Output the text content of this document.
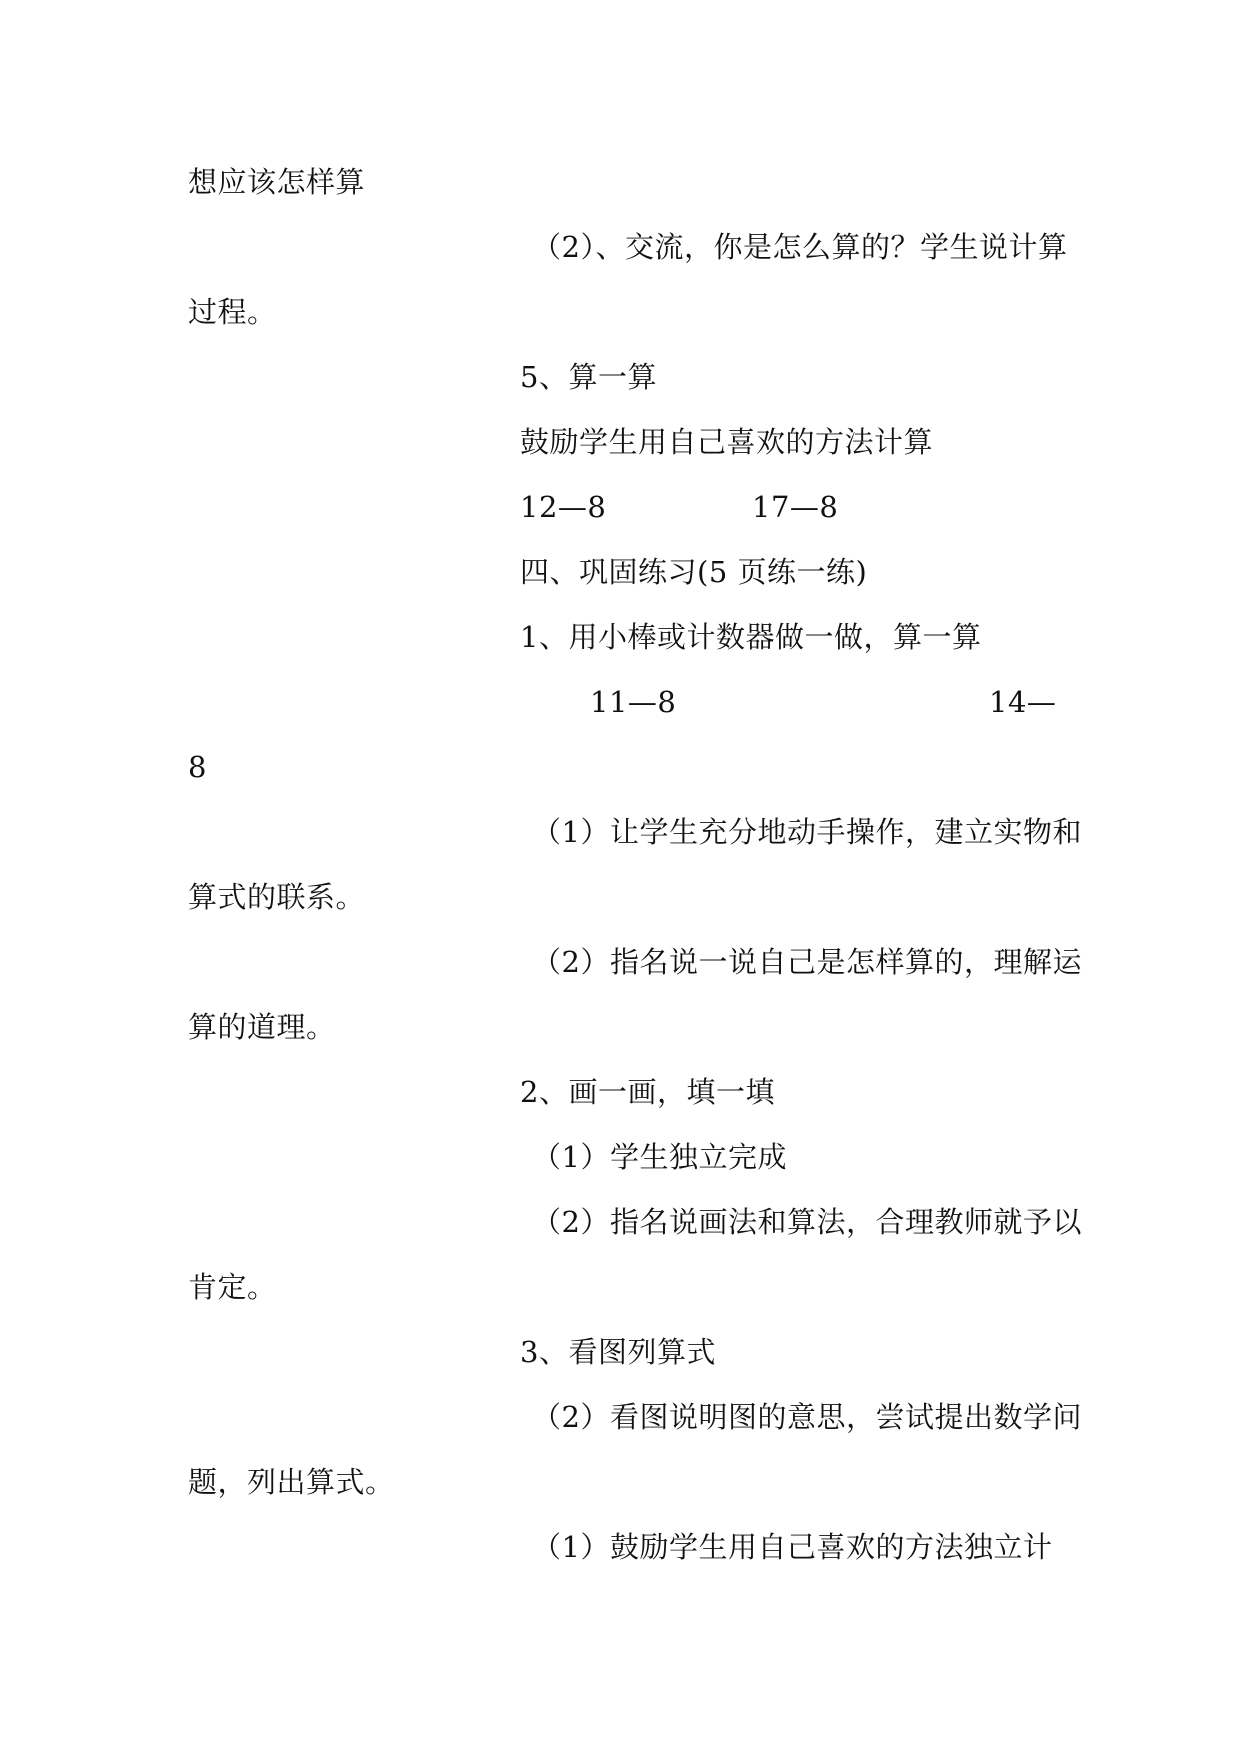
想应该怎样算
（2）、交流，你是怎么算的？学生说计算
过程。
5、算一算
鼓励学生用自己喜欢的方法计算
12—8	17—8
四、巩固练习(5 页练一练)
1、用小棒或计数器做一做，算一算
11—8	14—
8
（1）让学生充分地动手操作，建立实物和
算式的联系。
（2）指名说一说自己是怎样算的，理解运
算的道理。
2、画一画，填一填
（1）学生独立完成
（2）指名说画法和算法，合理教师就予以
肯定。
3、看图列算式
（2）看图说明图的意思，尝试提出数学问
题，列出算式。
（1）鼓励学生用自己喜欢的方法独立计
